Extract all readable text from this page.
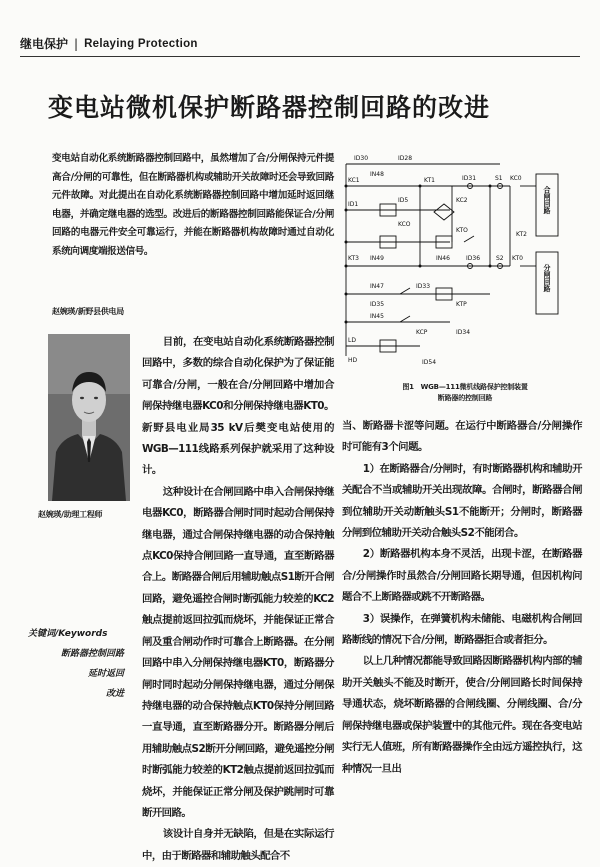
继电保护 | Relaying Protection
变电站微机保护断路器控制回路的改进
变电站自动化系统断路器控制回路中，虽然增加了合/分闸保持元件提高合/分闸的可靠性，但在断路器机构或辅助开关故障时还会导致回路元件故障。对此提出在自动化系统断路器控制回路中增加延时返回继电器，并确定继电器的选型。改进后的断路器控制回路能保证合/分闸回路的电器元件安全可靠运行，并能在断路器机构故障时通过自动化系统向调度端报送信号。
赵婉瑛/新野县供电局
赵婉瑛/助理工程师
关键词/Keywords
断路器控制回路
延时返回
改进

目前，在变电站自动化系统断路器控制回路中，多数的综合自动化保护为了保证能可靠合/分闸，一般在合/分闸回路中增加合闸保持继电器KC0和分闸保持继电器KT0。新野县电业局35 kV后樊变电站使用的WGB—111线路系列保护就采用了这种设计。

这种设计在合闸回路中串入合闸保持继电器KC0，断路器合闸时同时起动合闸保持继电器，通过合闸保持继电器的动合保持触点KC0保持合闸回路一直导通，直至断路器合上。断路器合闸后用辅助触点S1断开合闸回路，避免遥控合闸时断弧能力较差的KC2触点提前返回拉弧而烧坏，并能保证正常合闸及重合闸动作时可靠合上断路器。在分闸回路中串入分闸保持继电器KT0，断路器分闸时同时起动分闸保持继电器，通过分闸保持继电器的动合保持触点KT0保持分闸回路一直导通，直至断路器分开。断路器分闸后用辅助触点S2断开分闸回路，避免遥控分闸时断弧能力较差的KT2触点提前返回拉弧而烧坏，并能保证正常分闸及保护跳闸时可靠断开回路。

该设计自身并无缺陷，但是在实际运行中，由于断路器和辅助触头配合不

ID30	ID28
IN48
KC1	KT1	ID31	S1 KC0
ID5	KC2
ID1
KCO
KTO
KT2
KT3 IN49	IN46	ID36	S2 KT0
IN47	ID33
ID35	KTP
IN45
KCP	ID34
LD
HD	ID54
合闸回路
分闸回路
图1　WGB—111微机线路保护控制装置
断路器的控制回路

当、断路器卡涩等问题。在运行中断路器合/分闸操作时可能有3个问题。

1）在断路器合/分闸时，有时断路器机构和辅助开关配合不当或辅助开关出现故障。合闸时，断路器合闸到位辅助开关动断触头S1不能断开；分闸时，断路器分闸到位辅助开关动合触头S2不能闭合。

2）断路器机构本身不灵活，出现卡涩，在断路器合/分闸操作时虽然合/分闸回路长期导通，但因机构问题合不上断路器或跳不开断路器。

3）误操作，在弹簧机构未储能、电磁机构合闸回路断线的情况下合/分闸，断路器拒合或者拒分。

以上几种情况都能导致回路因断路器机构内部的辅助开关触头不能及时断开，使合/分闸回路长时间保持导通状态，烧坏断路器的合闸线圈、分闸线圈、合/分闸保持继电器或保护装置中的其他元件。现在各变电站实行无人值班，所有断路器操作全由远方遥控执行，这种情况一旦出
